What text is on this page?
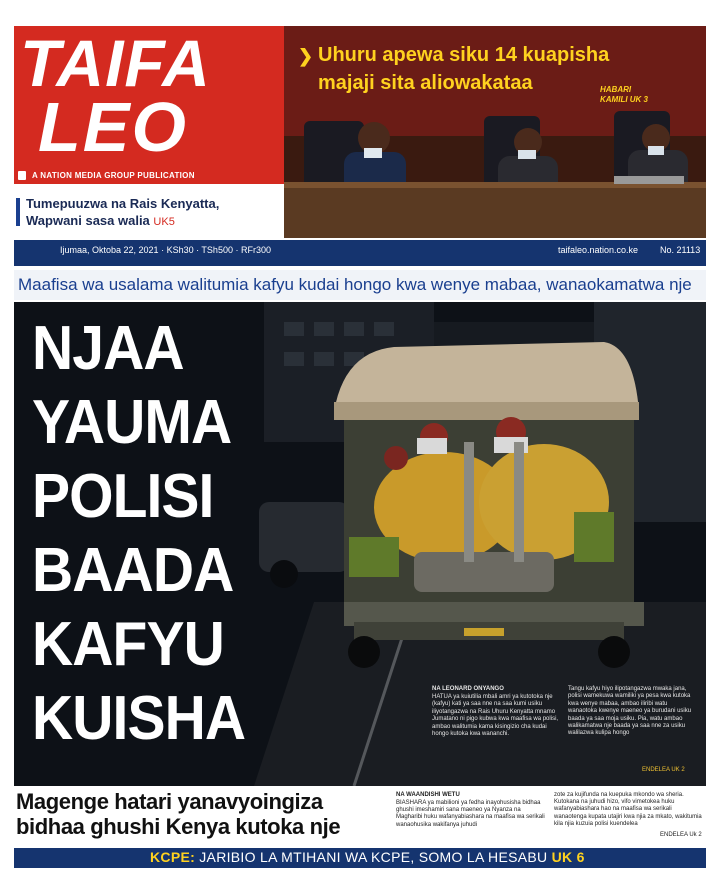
TAIFA
LEO
A NATION MEDIA GROUP PUBLICATION
Tumepuuzwa na Rais Kenyatta,
Wapwani sasa walia UK5
❯ Uhuru apewa siku 14 kuapisha
majaji sita aliowakataa	HABARI
KAMILI UK 3
Ijumaa, Oktoba 22, 2021 · KSh30 · TSh500 · RFr300	taifaleo.nation.co.ke No. 21113
Maafisa wa usalama walitumia kafyu kudai hongo kwa wenye mabaa, wanaokamatwa nje
NJAA
YAUMA
POLISI
BAADA
KAFYU
KUISHA	NA LEONARD ONYANGO
HATUA ya kuiutilia mbali amri ya kutotoka nje (kafyu) kati ya saa nne na saa kumi usiku iliyotangazwa na Rais Uhuru Kenyatta mnamo Jumatano ni pigo kubwa kwa maafisa wa polisi, ambao walitumia kama kisingizio cha kudai hongo kutoka kwa wananchi.
Tangu kafyu hiyo ilipotangazwa mwaka jana, polisi wamekuwa wamiliki ya pesa kwa kutoka kwa wenye mabaa, ambao iliribi watu wanaotoka kwenye maeneo ya burudani usiku baada ya saa moja usiku. Pia, watu ambao walikamatwa nje baada ya saa nne za usiku walilazwa kulipa hongo
ENDELEA UK 2
Magenge hatari yanavyoingiza
bidhaa ghushi Kenya kutoka nje
NA WAANDISHI WETU
BIASHARA ya mabilioni ya fedha inayohusisha bidhaa ghushi imeshamiri sana maeneo ya Nyanza na Magharibi huku wafanyabiashara na maafisa wa serikali wanaohusika wakifanya juhudi
zote za kujifunda na kuepuka mkondo wa sheria. Kutokana na juhudi hizo, vifo vimetokea huku wafanyabiashara hao na maafisa wa serikali wanaotenga kupata utajiri kwa njia za mkato, wakitumia kila njia kuzuia polisi kuendelea
ENDELEA Uk 2
KCPE: JARIBIO LA MTIHANI WA KCPE, SOMO LA HESABU UK 6
